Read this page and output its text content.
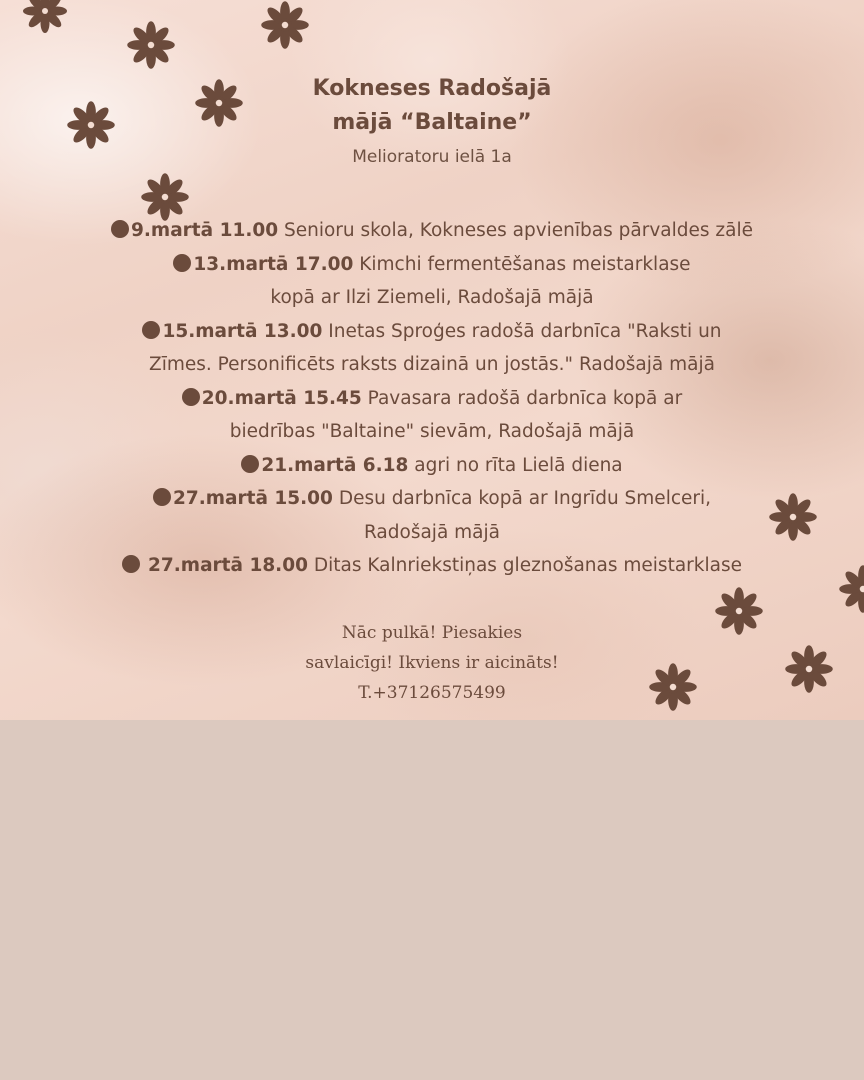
Kokneses Radošajā

mājā “Baltaine”

Melioratoru ielā 1a

9.martā 11.00 Senioru skola, Kokneses apvienības pārvaldes zālē

13.martā 17.00 Kimchi fermentēšanas meistarklase
kopā ar Ilzi Ziemeli, Radošajā mājā

15.martā 13.00 Inetas Sproģes radošā darbnīca "Raksti un
Zīmes. Personificēts raksts dizainā un jostās." Radošajā mājā

20.martā 15.45 Pavasara radošā darbnīca kopā ar
biedrības "Baltaine" sievām, Radošajā mājā

21.martā 6.18 agri no rīta Lielā diena

27.martā 15.00 Desu darbnīca kopā ar Ingrīdu Smelceri,
Radošajā mājā

27.martā 18.00 Ditas Kalnriekstiņas gleznošanas meistarklase

Nāc pulkā! Piesakies

savlaicīgi! Ikviens ir aicināts!

T.+37126575499
